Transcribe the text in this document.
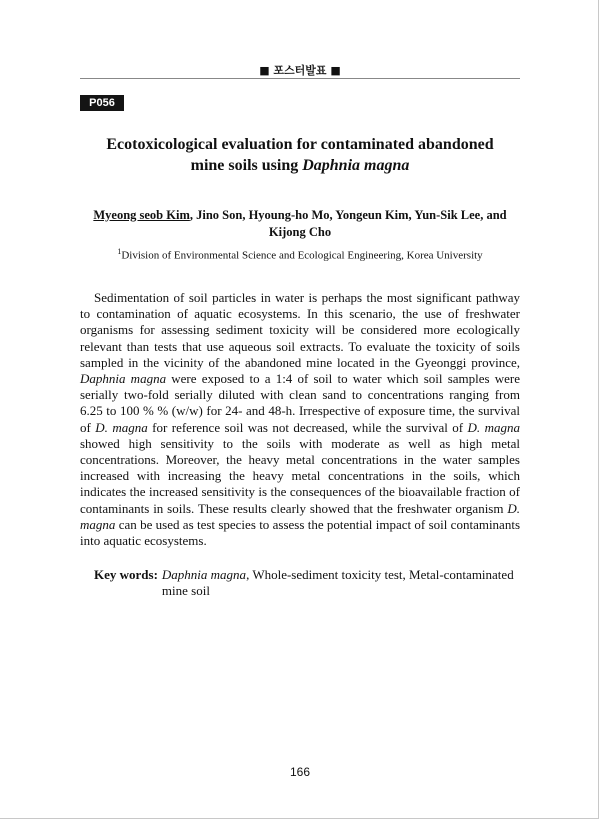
■ 포스터발표 ■
P056
Ecotoxicological evaluation for contaminated abandoned
mine soils using Daphnia magna
Myeong seob Kim, Jino Son, Hyoung-ho Mo, Yongeun Kim, Yun-Sik Lee, and Kijong Cho
$^1$Division of Environmental Science and Ecological Engineering, Korea University
Sedimentation of soil particles in water is perhaps the most significant pathway to contamination of aquatic ecosystems. In this scenario, the use of freshwater organisms for assessing sediment toxicity will be considered more ecologically relevant than tests that use aqueous soil extracts. To evaluate the toxicity of soils sampled in the vicinity of the abandoned mine located in the Gyeonggi province, Daphnia magna were exposed to a 1:4 of soil to water which soil samples were serially two-fold serially diluted with clean sand to concentrations ranging from 6.25 to 100 % % (w/w) for 24- and 48-h. Irrespective of exposure time, the survival of D. magna for reference soil was not decreased, while the survival of D. magna showed high sensitivity to the soils with moderate as well as high metal concentrations. Moreover, the heavy metal concentrations in the water samples increased with increasing the heavy metal concentrations in the soils, which indicates the increased sensitivity is the consequences of the bioavailable fraction of contaminants in soils. These results clearly showed that the freshwater organism D. magna can be used as test species to assess the potential impact of soil contaminants into aquatic ecosystems.
Key words: Daphnia magna, Whole-sediment toxicity test, Metal-contaminated mine soil
166
